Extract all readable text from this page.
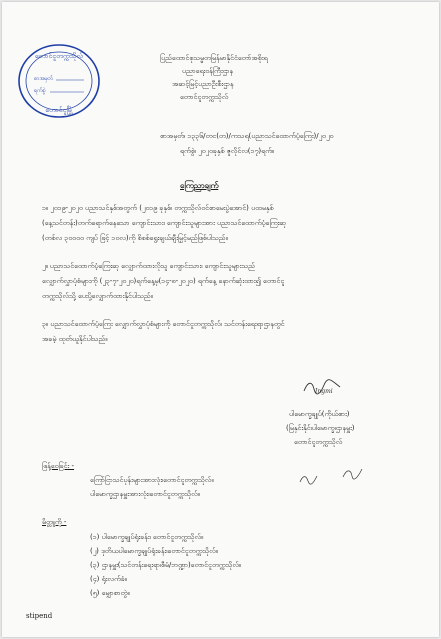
တောင်ငူတက္ကသိုလ်
စာအမှတ်
ရက်စွဲ
တောင်ငူမြို့
ပြည်ထောင်စုသမ္မတမြန်မာနိုင်ငံတော်အစိုးရ
ပညာရေးဝန်ကြီးဌာန
အဆင့်မြင့်ပညာဦးစီးဌာန
တောင်ငူတက္ကသိုလ်
စာအမှတ်၊ ၁၃၃၆/တင(တ)/ကသရ(ပညာသင်ထောက်ပံ့ကြေး)/၂၀၂၀
ရက်စွဲ၊ ၂၀၂၀ခုနှစ် ဇူလိုင်လ(၁၇)ရက်။
ကြေညာချက်
၁။ ၂၀၁၉-၂၀၂၀ ပညာသင်နှစ်အတွက် (၂၀၁၉ ခုနှစ်၊ တက္ကသိုလ်ဝင်စာမေးပွဲအောင်) ပထမနှစ်
(နေ့သင်တန်း)တက်ရောက်နေသော ကျောင်းသား၊ ကျောင်းသူများအား ပညာသင်ထောက်ပံ့ကြေးဆု
(တစ်လ ၃၀၀၀၀ ကျပ် ဖြင့် ၁၀လ)ကို စိစစ်ရွေးချယ်ချီးမြှင့်မည်ဖြစ်ပါသည်။
၂။ ပညာသင်ထောက်ပံ့ကြေးဆု လျှောက်ထားလိုသူ ကျောင်းသား၊ ကျောင်းသူများသည်
လျှောက်လွှာပုံစံများကို (၂၃-၇-၂၀၂၀)ရက်နေ့မှ(၁၄-၈-၂၀၂၀) ရက်နေ့ နောက်ဆုံးထား၍ တောင်ငူ
တက္ကသိုလ်သို့ ပေးပို့လျှောက်ထားနိုင်ပါသည်။
၃။ ပညာသင်ထောက်ပံ့ကြေး လျှောက်လွှာပုံစံများကို တောင်ငူတက္ကသိုလ်၊ သင်တန်းရေးရာဌာနတွင်
အခမဲ့ ထုတ်ယူနိုင်ပါသည်။
Ingmi
ပါမောက္ခချုပ်(ကိုယ်စား)
(မြနှင်းနိုင်၊ပါမောက္ခ၊ဌာနမှူး)
တောင်ငူတက္ကသိုလ်
ဖြန့်ဝေခြင်း -
ကြော်ငြာသင်ပုန်းများအားလုံး၊တောင်ငူတက္ကသိုလ်။
ပါမောက္ခဌာနမှူးအားလုံး၊တောင်ငူတက္ကသိုလ်။
မိတ္တူကို -
(၁) ပါမောက္ခချုပ်ရုံးခန်း၊ တောင်ငူတက္ကသိုလ်။
(၂) ဒုတိယပါမောက္ခချုပ်ရုံးခန်း၊တောင်ငူတက္ကသိုလ်။
(၃) ဌာနမှူး(သင်တန်းရေးရာ၊စီမံ/ဘဏ္ဍာ)တောင်ငူတက္ကသိုလ်။
(၄) ရုံးလက်ခံ။
(၅) မျှောစာတွဲ။
stipend
